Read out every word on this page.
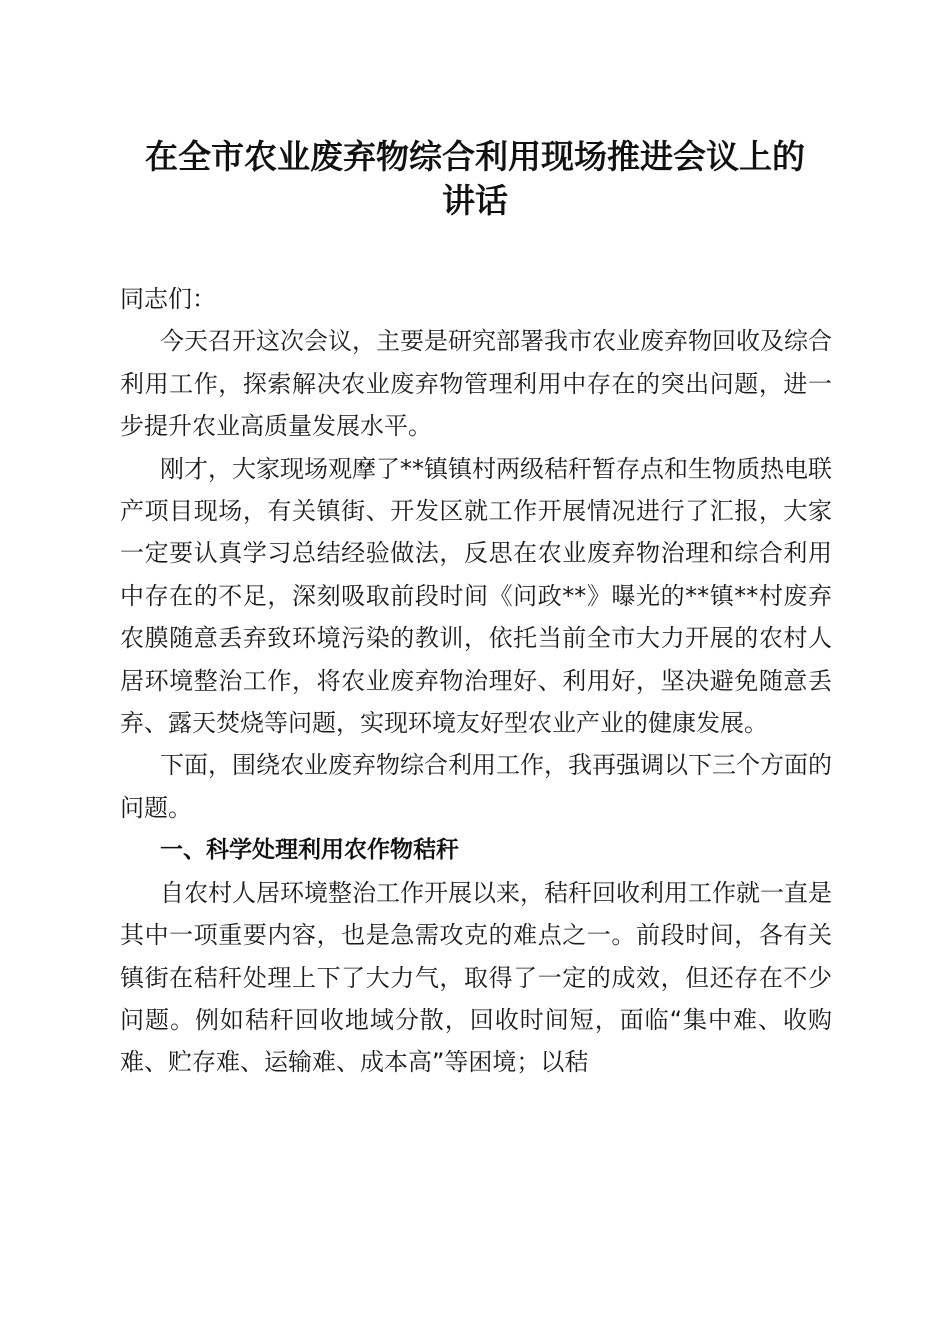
在全市农业废弃物综合利用现场推进会议上的
讲话

同志们：

今天召开这次会议，主要是研究部署我市农业废弃物回收及综合利用工作，探索解决农业废弃物管理利用中存在的突出问题，进一步提升农业高质量发展水平。

刚才，大家现场观摩了**镇镇村两级秸秆暂存点和生物质热电联产项目现场，有关镇街、开发区就工作开展情况进行了汇报，大家一定要认真学习总结经验做法，反思在农业废弃物治理和综合利用中存在的不足，深刻吸取前段时间《问政**》曝光的**镇**村废弃农膜随意丢弃致环境污染的教训，依托当前全市大力开展的农村人居环境整治工作，将农业废弃物治理好、利用好，坚决避免随意丢弃、露天焚烧等问题，实现环境友好型农业产业的健康发展。

下面，围绕农业废弃物综合利用工作，我再强调以下三个方面的问题。

一、科学处理利用农作物秸秆

自农村人居环境整治工作开展以来，秸秆回收利用工作就一直是其中一项重要内容，也是急需攻克的难点之一。前段时间，各有关镇街在秸秆处理上下了大力气，取得了一定的成效，但还存在不少问题。例如秸秆回收地域分散，回收时间短，面临“集中难、收购难、贮存难、运输难、成本高”等困境；以秸
